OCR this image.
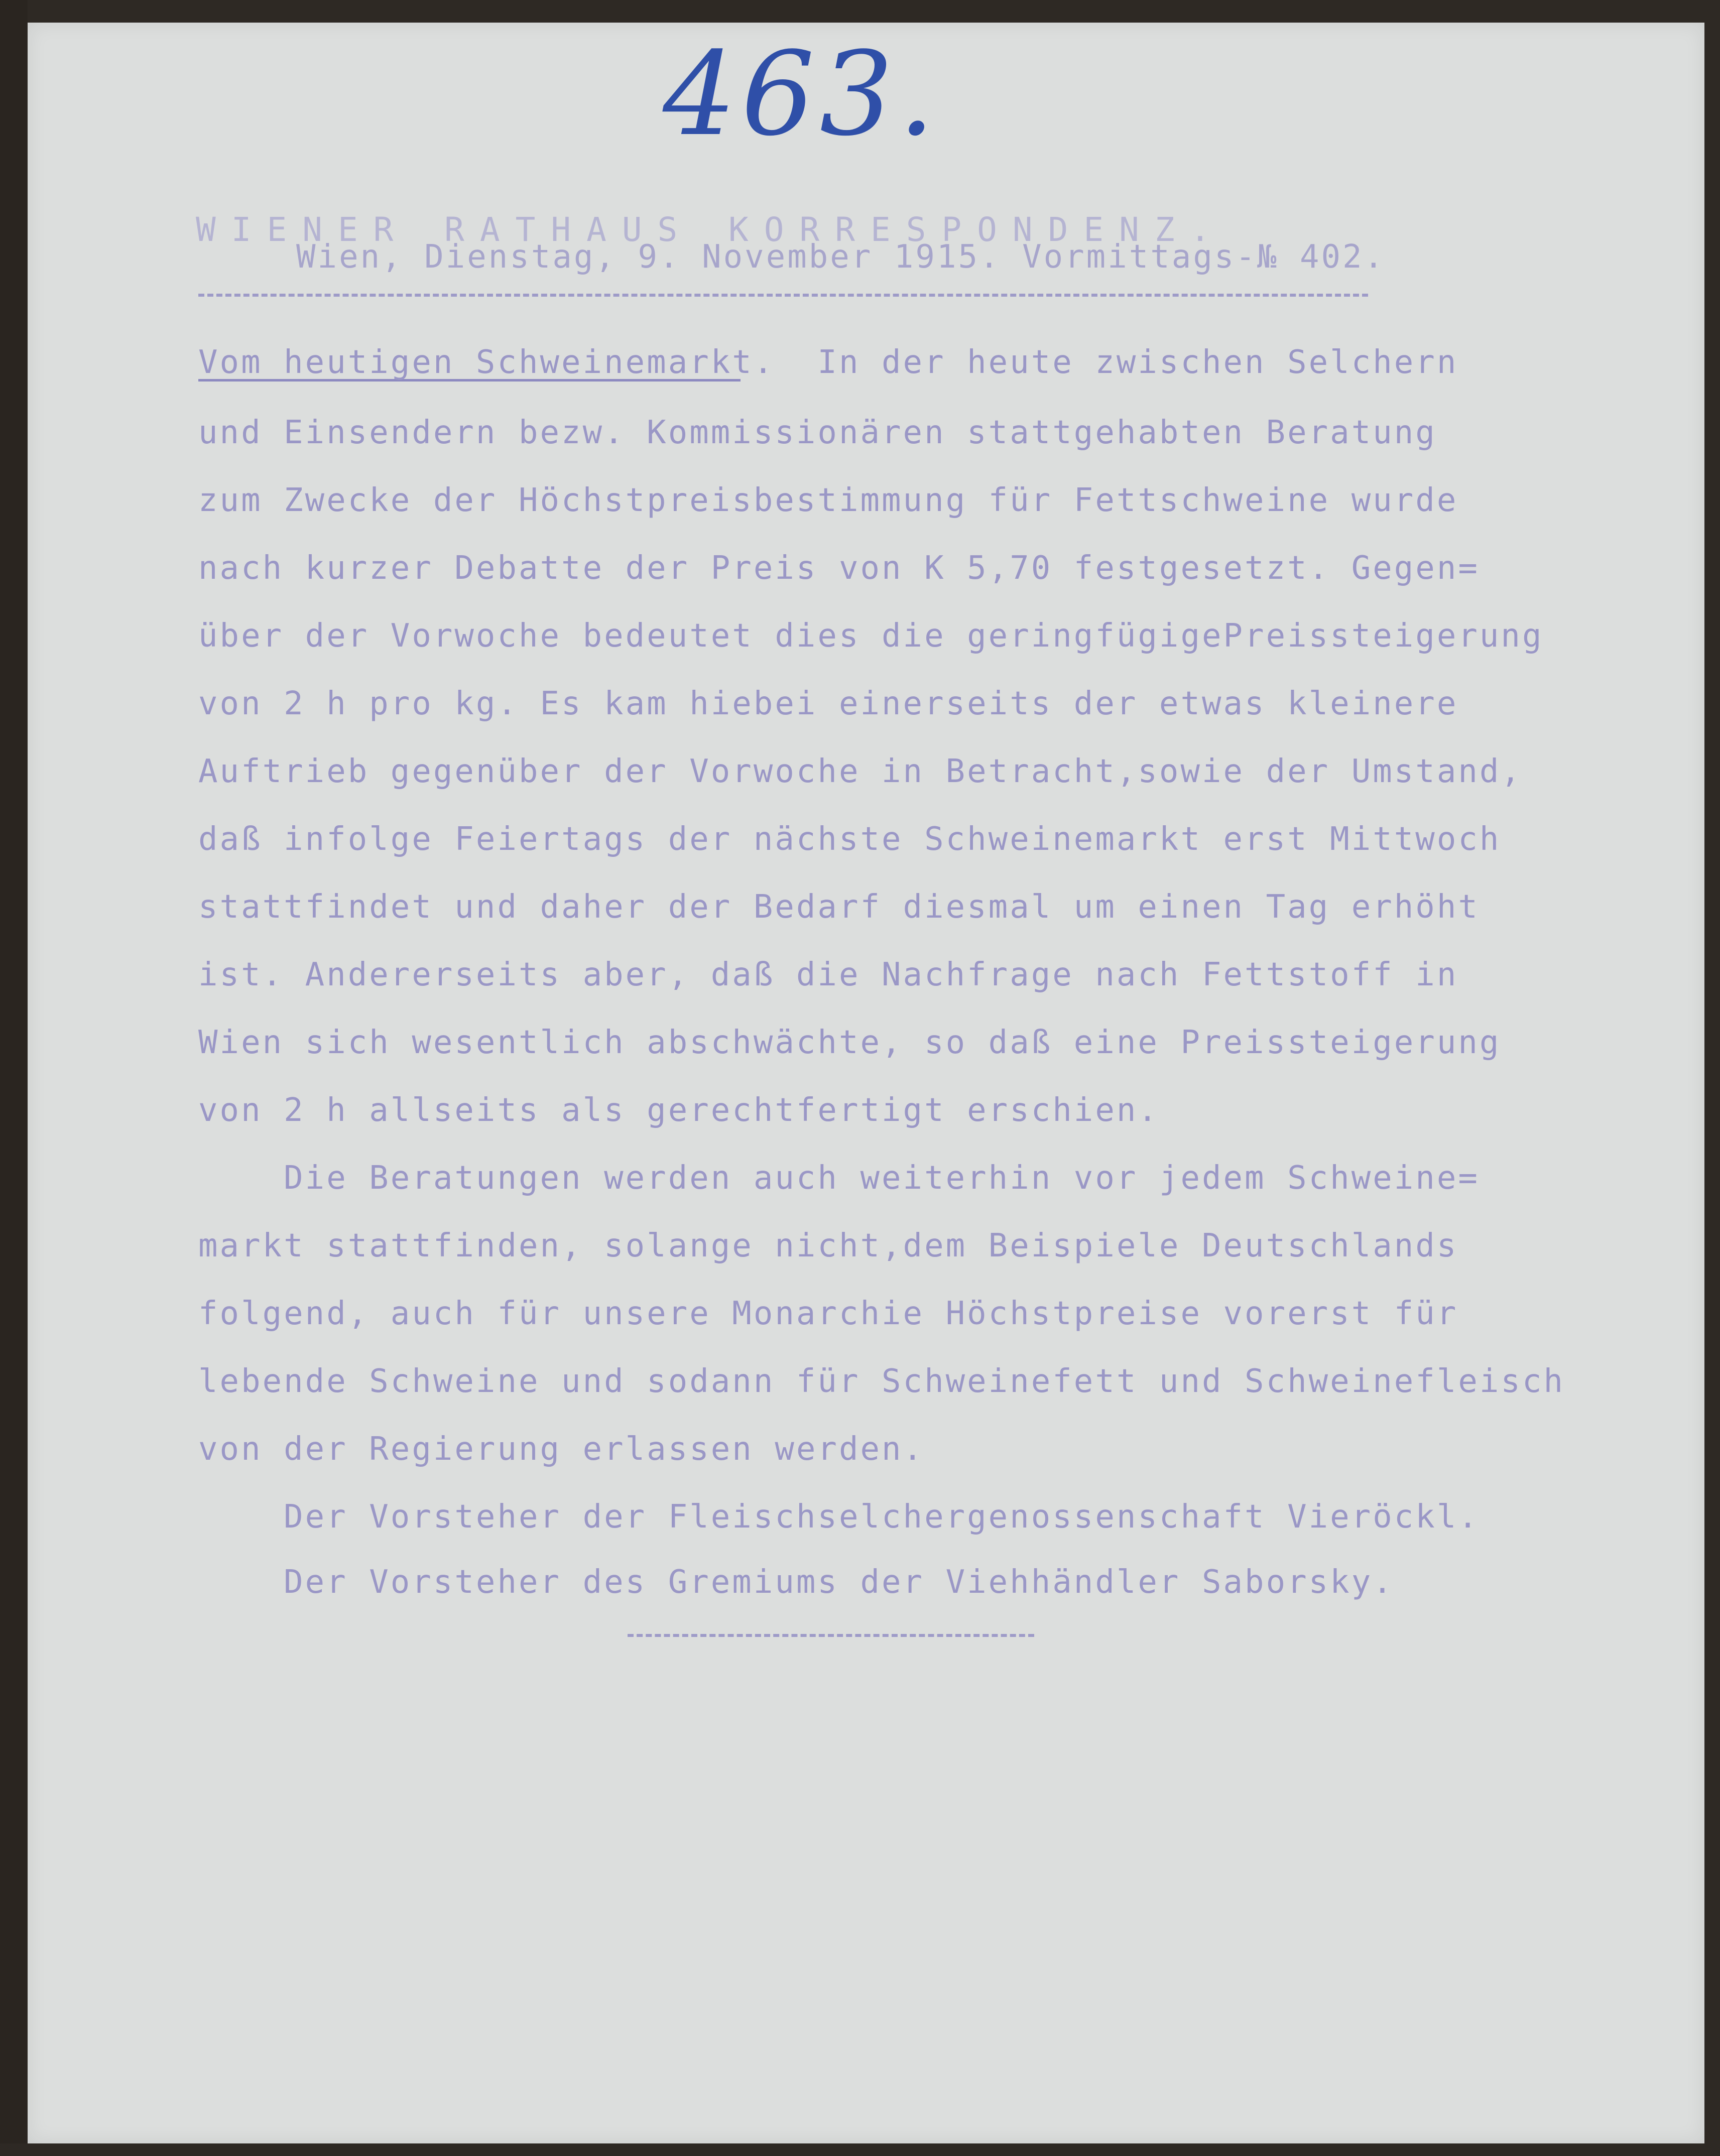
463.
WIENER RATHAUS KORRESPONDENZ.
Wien, Dienstag, 9. November 1915. Vormittags-№ 402.
Vom heutigen Schweinemarkt.  In der heute zwischen Selchern
und Einsendern bezw. Kommissionären stattgehabten Beratung
zum Zwecke der Höchstpreisbestimmung für Fettschweine wurde
nach kurzer Debatte der Preis von K 5,70 festgesetzt. Gegen=
über der Vorwoche bedeutet dies die geringfügigePreissteigerung
von 2 h pro kg. Es kam hiebei einerseits der etwas kleinere
Auftrieb gegenüber der Vorwoche in Betracht,sowie der Umstand,
daß infolge Feiertags der nächste Schweinemarkt erst Mittwoch
stattfindet und daher der Bedarf diesmal um einen Tag erhöht
ist. Andererseits aber, daß die Nachfrage nach Fettstoff in
Wien sich wesentlich abschwächte, so daß eine Preissteigerung
von 2 h allseits als gerechtfertigt erschien.
Die Beratungen werden auch weiterhin vor jedem Schweine=
markt stattfinden, solange nicht,dem Beispiele Deutschlands
folgend, auch für unsere Monarchie Höchstpreise vorerst für
lebende Schweine und sodann für Schweinefett und Schweinefleisch
von der Regierung erlassen werden.
Der Vorsteher der Fleischselchergenossenschaft Vieröckl.
Der Vorsteher des Gremiums der Viehhändler Saborsky.
